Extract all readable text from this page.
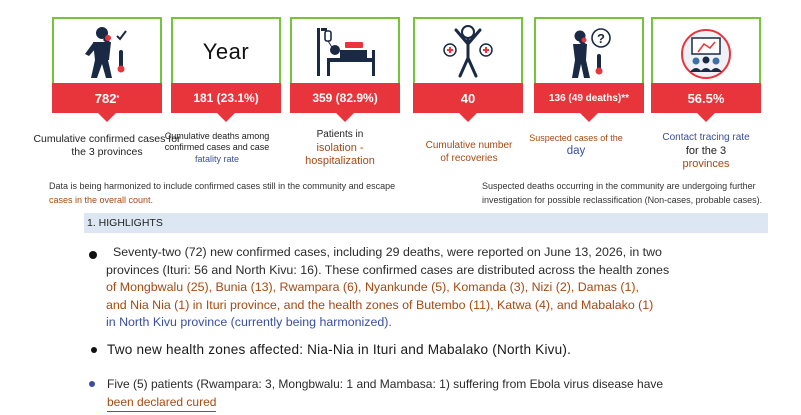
782 *
Year
181 (23.1%)	359 (82.9%)	40
?
136 (49 deaths)**	56.5%
Cumulative confirmed cases for the 3 provinces
Cumulative deaths among
confirmed cases and case
fatality rate
Patients in
isolation -
hospitalization
Cumulative number
of recoveries
Suspected cases of the
day
Contact tracing rate
for the 3
provinces
Data is being harmonized to include confirmed cases still in the community and escape
cases in the overall count.
Suspected deaths occurring in the community are undergoing further
investigation for possible reclassification (Non-cases, probable cases).
1. HIGHLIGHTS
Seventy-two (72) new confirmed cases, including 29 deaths, were reported on June 13, 2026, in two
provinces (Ituri: 56 and North Kivu: 16). These confirmed cases are distributed across the health zones
of Mongbwalu (25), Bunia (13), Rwampara (6), Nyankunde (5), Komanda (3), Nizi (2), Damas (1),
and Nia Nia (1) in Ituri province, and the health zones of Butembo (11), Katwa (4), and Mabalako (1)
in North Kivu province (currently being harmonized).
Two new health zones affected: Nia-Nia in Ituri and Mabalako (North Kivu).
Five (5) patients (Rwampara: 3, Mongbwalu: 1 and Mambasa: 1) suffering from Ebola virus disease have
been declared cured
